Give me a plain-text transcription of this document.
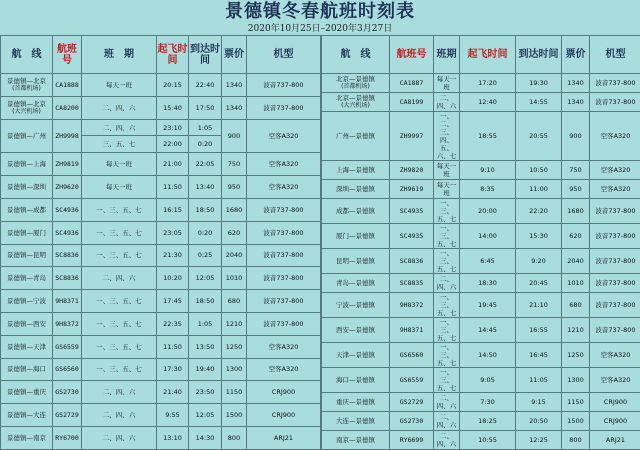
景德镇冬春航班时刻表
2020年10月25日–2020年3月27日
航　线	航班号	班　期	起飞时间	到达时间	票价	机型

景德镇—北京
(首都机场)	CA1888	每天一班	20:15	22:40	1340	波音737-800

景德镇—北京
(大兴机场)	CA8200	二、四、六	15:40	17:50	1340	波音737-800

景德镇—广州	ZH9998	二、四、六	23:10	1:05	900	空客A320
		三、五、七	22:00	0:20		

景德镇—上海	ZH9819	每天一班	21:00	22:05	750	空客A320

景德镇—深圳	ZH9620	每天一班	11:50	13:40	950	空客A320

景德镇—成都	SC4936	一、三、五、七	16:15	18:50	1680	波音737-800

景德镇—厦门	SC4936	一、三、五、七	23:05	0:20	620	波音737-800

景德镇—昆明	SC8836	一、三、五、七	21:30	0:25	2040	波音737-800

景德镇—青岛	SC8836	二、四、六	10:20	12:05	1010	波音737-800

景德镇—宁波	9H8371	一、三、五、七	17:45	18:50	680	波音737-800

景德镇—西安	9H8372	一、三、五、七	22:35	1:05	1210	波音737-800

景德镇—天津	GS6559	一、三、五、七	11:50	13:50	1250	空客A320

景德镇—海口	GS6560	一、三、五、七	17:30	19:40	1300	空客A320

景德镇—重庆	GS2730	二、四、六	21:40	23:50	1150	CRJ900

景德镇—大连	GS2729	二、四、六	9:55	12:05	1500	CRJ900

景德镇—南京	RY6700	二、四、六	13:10	14:30	800	ARJ21
航　线	航班号	班期	起飞时间	到达时间	票价	机型

北京—景德镇
(首都机场)	CA1887	每天一班	17:20	19:30	1340	波音737-800

北京—景德镇
(大兴机场)	CA8199	二、四、六	12:40	14:55	1340	波音737-800

广州—景德镇	ZH9997	一、二、三、四、五、六、七	18:55	20:55	900	空客A320

上海—景德镇	ZH9820	每天一班	9:10	10:50	750	空客A320

深圳—景德镇	ZH9619	每天一班	8:35	11:00	950	空客A320

成都—景德镇	SC4935	一、三、五、七	20:00	22:20	1680	波音737-800

厦门—景德镇	SC4935	一、三、五、七	14:00	15:30	620	波音737-800

昆明—景德镇	SC8836	一、三、五、七	6:45	9:20	2040	波音737-800

青岛—景德镇	SC8835	二、四、六	18:30	20:45	1010	波音737-800

宁波—景德镇	9H8372	一、三、五、七	19:45	21:10	680	波音737-800

西安—景德镇	9H8371	一、三、五、七	14:45	16:55	1210	波音737-800

天津—景德镇	GS6560	一、三、五、七	14:50	16:45	1250	空客A320

海口—景德镇	GS6559	一、三、五、七	9:05	11:05	1300	空客A320

重庆—景德镇	GS2729	二、四、六	7:30	9:15	1150	CRJ900

大连—景德镇	GS2730	二、四、六	18:25	20:50	1500	CRJ900

南京—景德镇	RY6699	二、四、六	10:55	12:25	800	ARJ21
